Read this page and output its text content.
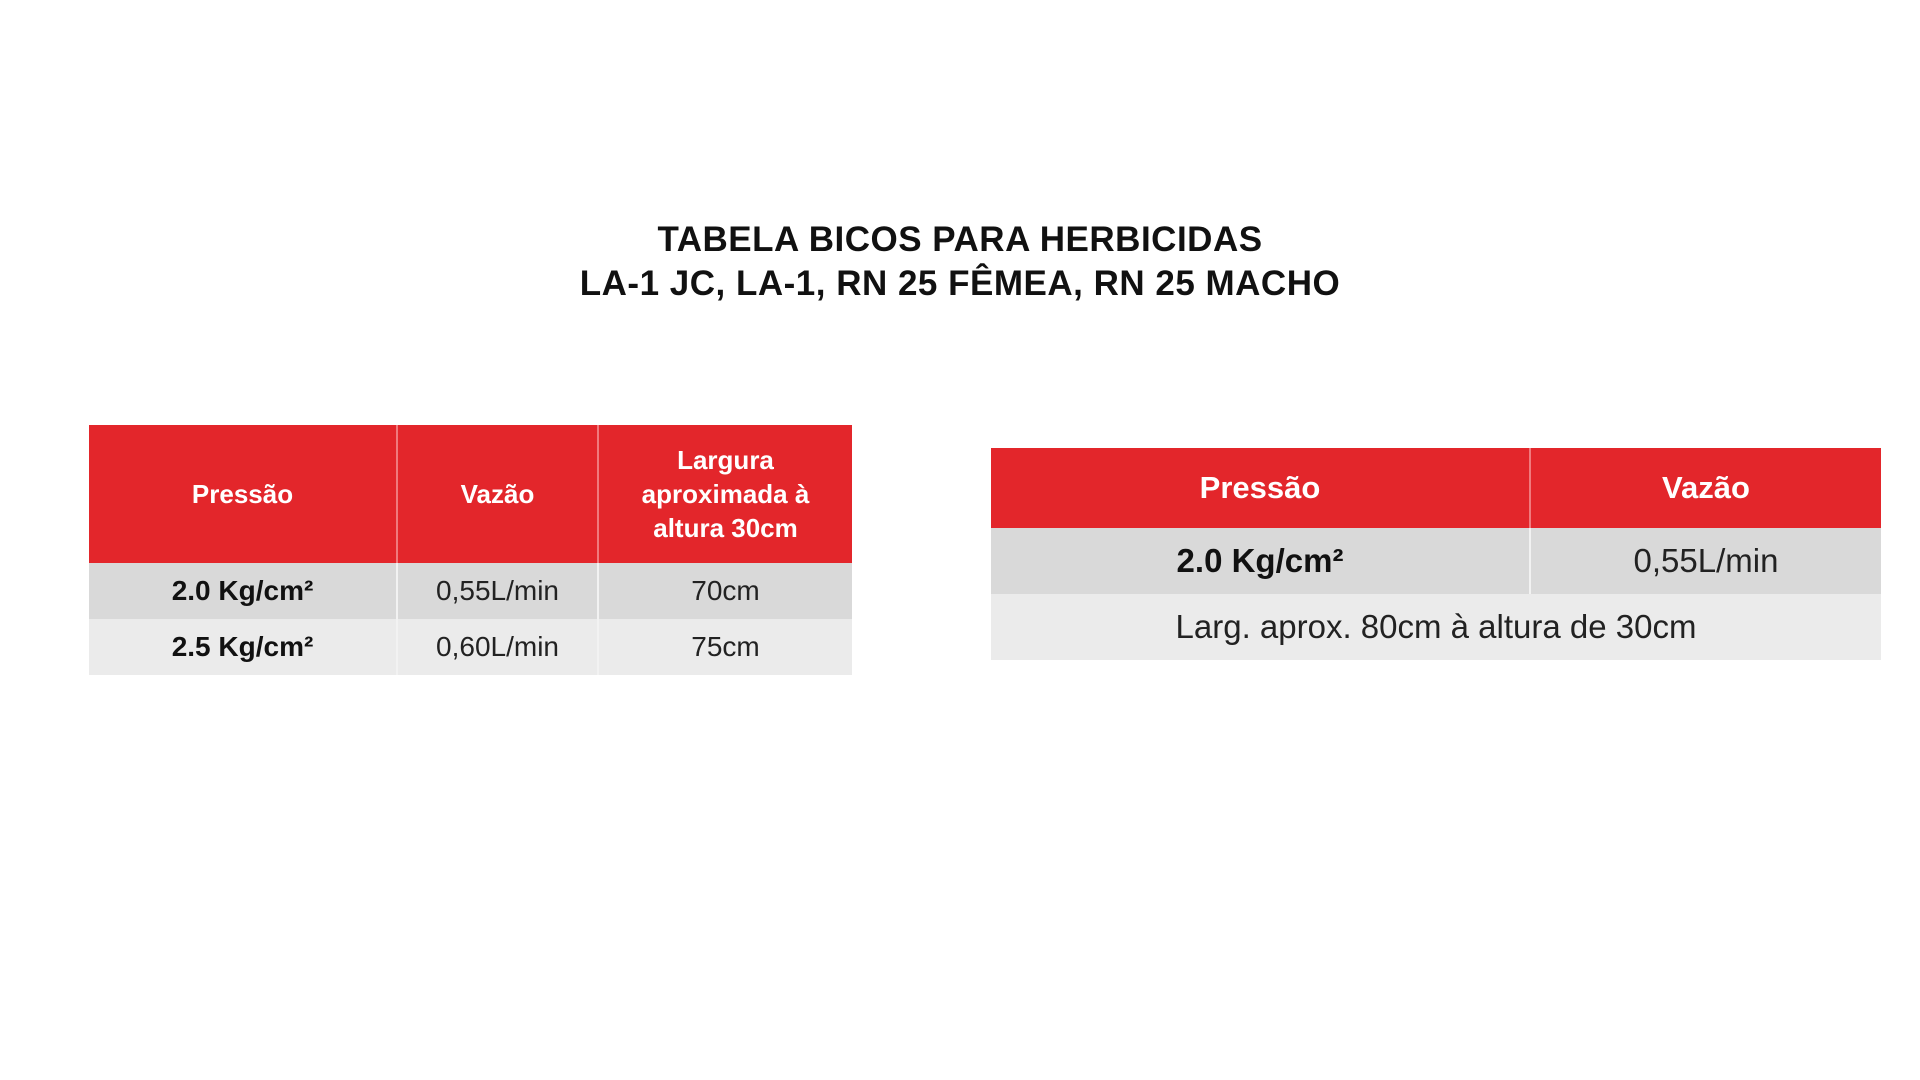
TABELA BICOS PARA HERBICIDAS
LA-1 JC, LA-1, RN 25 FÊMEA, RN 25 MACHO
Pressão	Vazão	Largura aproximada à altura 30cm
2.0 Kg/cm²	0,55L/min	70cm
2.5 Kg/cm²	0,60L/min	75cm
Pressão	Vazão
2.0 Kg/cm²	0,55L/min
Larg. aprox. 80cm à altura de 30cm	
